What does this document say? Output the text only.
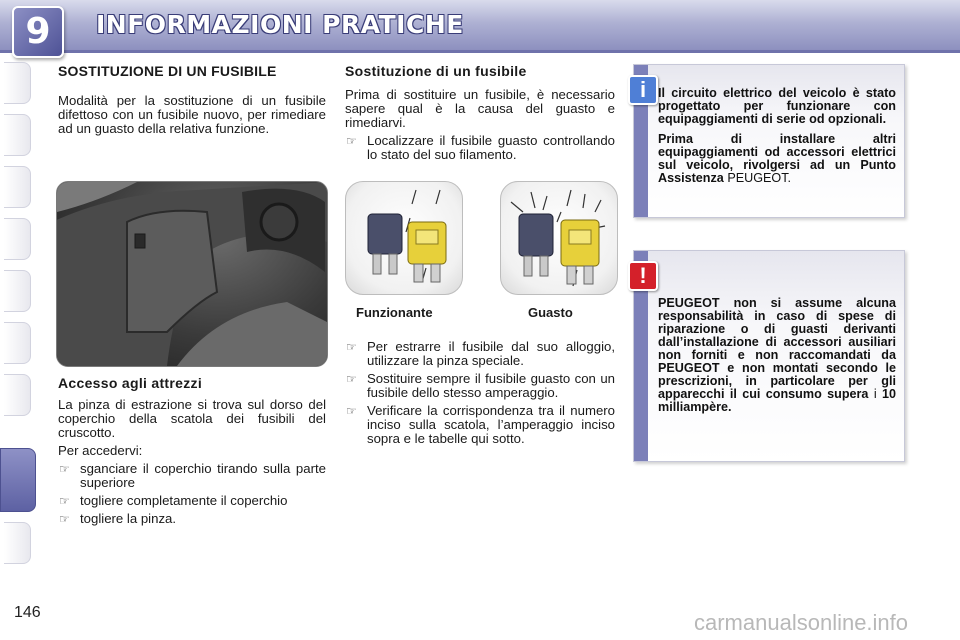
9	INFORMAZIONI PRATICHE
146	carmanualsonline.info
SOSTITUZIONE DI UN FUSIBILE

Modalità per la sostituzione di un fusibile difettoso con un fusibile nuovo, per rimediare ad un guasto della relativa funzione.

Accesso agli attrezzi

La pinza di estrazione si trova sul dorso del coperchio della scatola dei fusibili del cruscotto.

Per accedervi:

☞ sganciare il coperchio tirando sulla parte superiore
☞ togliere completamente il coperchio
☞ togliere la pinza.
Sostituzione di un fusibile

Prima di sostituire un fusibile, è necessario sapere qual è la causa del guasto e rimediarvi.

☞ Localizzare il fusibile guasto controllando lo stato del suo filamento.
Funzionante	Guasto
☞ Per estrarre il fusibile dal suo alloggio, utilizzare la pinza speciale.
☞ Sostituire sempre il fusibile guasto con un fusibile dello stesso amperaggio.
☞ Verificare la corrispondenza tra il numero inciso sulla scatola, l’amperaggio inciso sopra e le tabelle qui sotto.
i Il circuito elettrico del veicolo è stato progettato per funzionare con equipaggiamenti di serie od opzionali.

Prima di installare altri equipaggiamenti od accessori elettrici sul veicolo, rivolgersi ad un Punto Assistenza PEUGEOT.

!

PEUGEOT non si assume alcuna responsabilità in caso di spese di riparazione o di guasti derivanti dall’installazione di accessori ausiliari non forniti e non raccomandati da PEUGEOT e non montati secondo le prescrizioni, in particolare per gli apparecchi il cui consumo supera i 10 milliampère.
